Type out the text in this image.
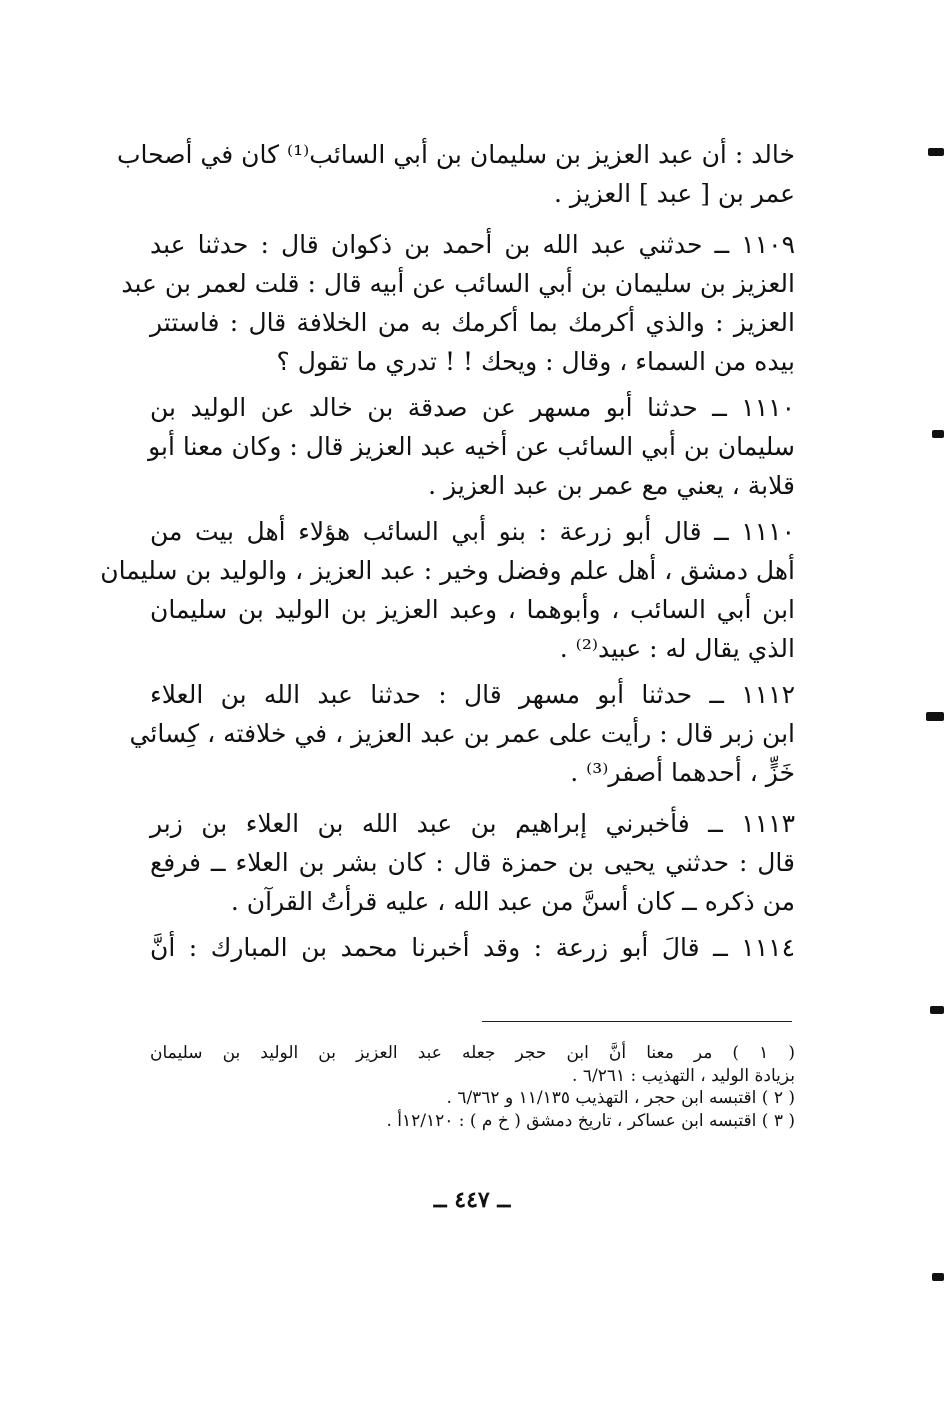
خالد : أن عبد العزيز بن سليمان بن أبي السائب⁽¹⁾ كان في أصحاب
عمر بن [ عبد ] العزيز .
١١٠٩ ــ حدثني عبد الله بن أحمد بن ذكوان قال : حدثنا عبد
العزيز بن سليمان بن أبي السائب عن أبيه قال : قلت لعمر بن عبد
العزيز : والذي أكرمك بما أكرمك به من الخلافة قال : فاستتر
بيده من السماء ، وقال : ويحك ! ! تدري ما تقول ؟
١١١٠ ــ حدثنا أبو مسهر عن صدقة بن خالد عن الوليد بن
سليمان بن أبي السائب عن أخيه عبد العزيز قال : وكان معنا أبو
قلابة ، يعني مع عمر بن عبد العزيز .
١١١٠ ــ قال أبو زرعة : بنو أبي السائب هؤلاء أهل بيت من
أهل دمشق ، أهل علم وفضل وخير : عبد العزيز ، والوليد بن سليمان
ابن أبي السائب ، وأبوهما ، وعبد العزيز بن الوليد بن سليمان
الذي يقال له : عبيد⁽²⁾ .
١١١٢ ــ حدثنا أبو مسهر قال : حدثنا عبد الله بن العلاء
ابن زبر قال : رأيت على عمر بن عبد العزيز ، في خلافته ، كِسائي
خَزٍّ ، أحدهما أصفر⁽³⁾ .
١١١٣ ــ فأخبرني إبراهيم بن عبد الله بن العلاء بن زبر
قال : حدثني يحيى بن حمزة قال : كان بشر بن العلاء ــ فرفع
من ذكره ــ كان أسنَّ من عبد الله ، عليه قرأتُ القرآن .
١١١٤ ــ قالَ أبو زرعة : وقد أخبرنا محمد بن المبارك : أنَّ
( ١ ) مر معنا أنَّ ابن حجر جعله عبد العزيز بن الوليد بن سليمان
بزيادة الوليد ، التهذيب : ٦/٢٦١ .
( ٢ ) اقتبسه ابن حجر ، التهذيب ١١/١٣٥ و ٦/٣٦٢ .
( ٣ ) اقتبسه ابن عساكر ، تاريخ دمشق ( خ م ) : ١٢/١٢٠أ .
ــ ٤٤٧ ــ
